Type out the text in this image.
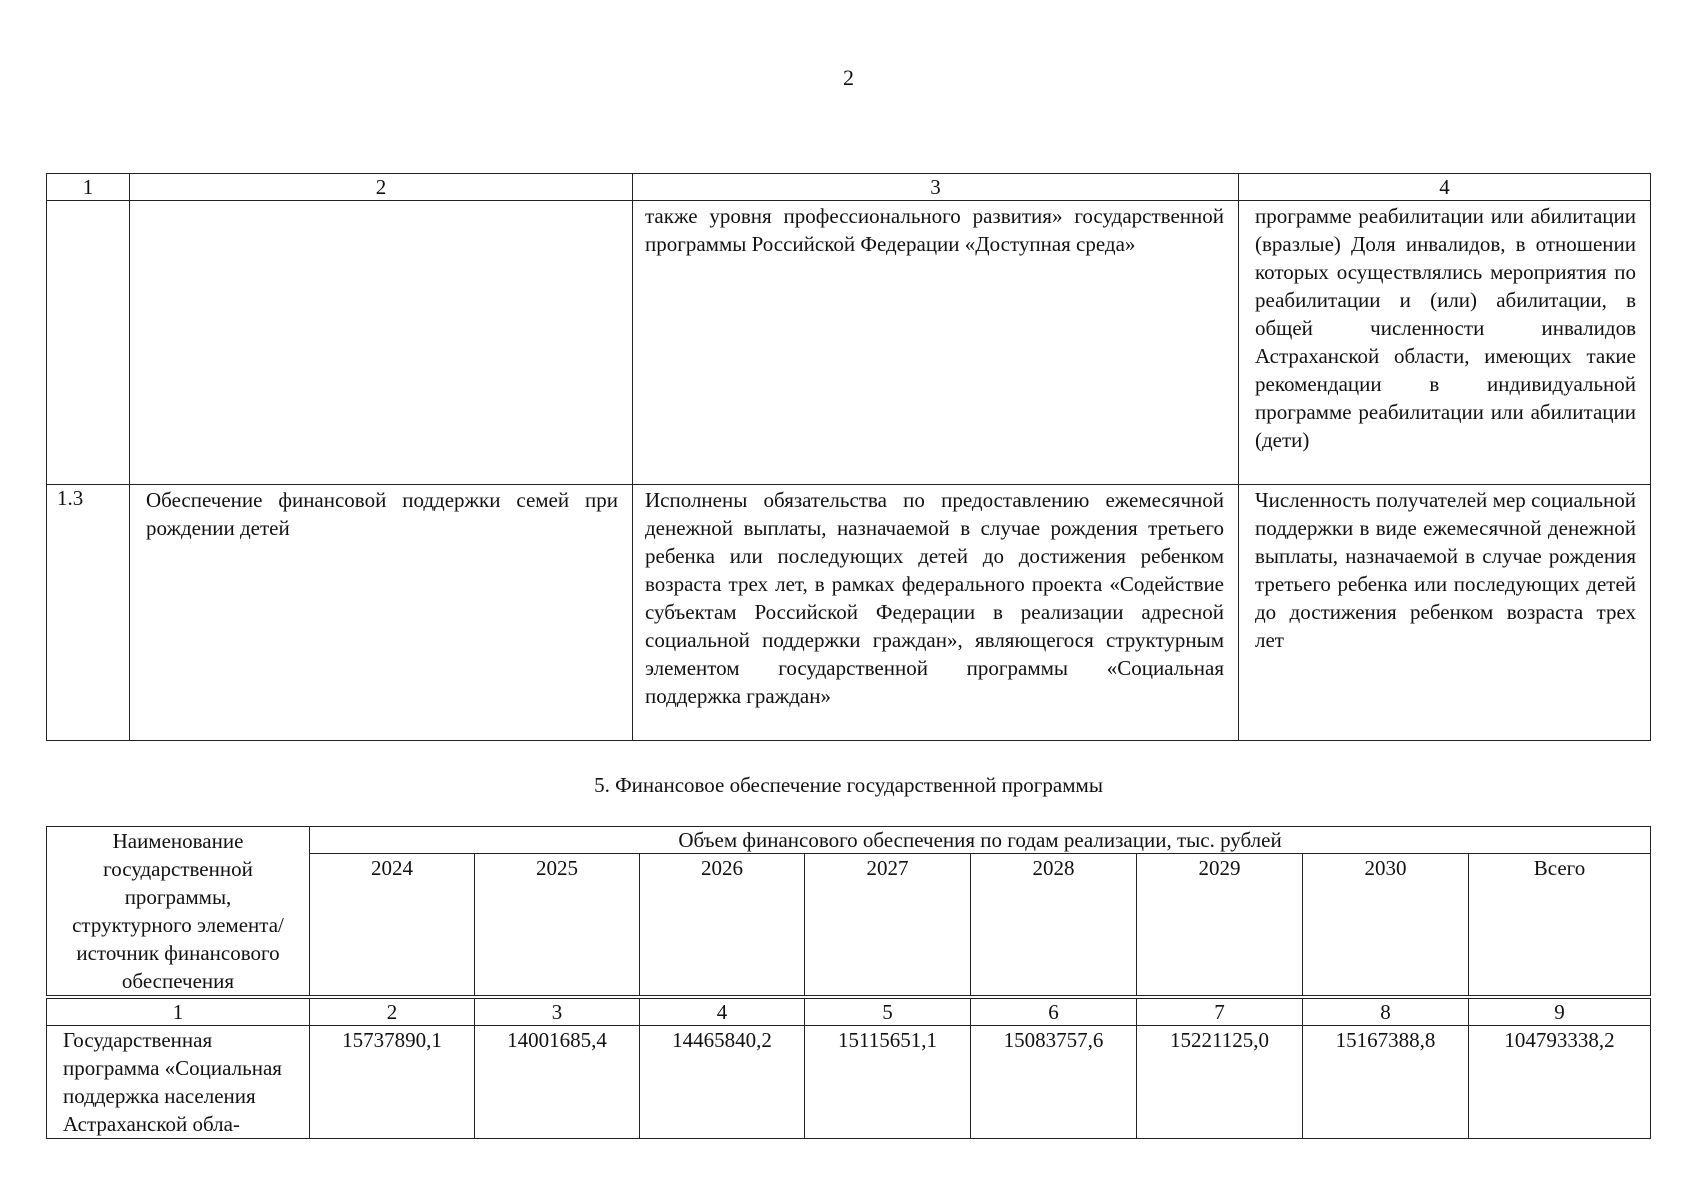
2
1	2	3	4
		также уровня профессионального развития» государственной программы Российской Федерации «Доступная среда»	программе реабилитации или абилитации (вразлые) Доля инвалидов, в отношении которых осуществлялись мероприятия по реабилитации и (или) абилитации, в общей численности инвалидов Астраханской области, имеющих такие рекомендации в индивидуальной программе реабилитации или абилитации (дети)
1.3	Обеспечение финансовой поддержки семей при рождении детей	Исполнены обязательства по предоставлению ежемесячной денежной выплаты, назначаемой в случае рождения третьего ребенка или последующих детей до достижения ребенком возраста трех лет, в рамках федерального проекта «Содействие субъектам Российской Федерации в реализации адресной социальной поддержки граждан», являющегося структурным элементом государственной программы «Социальная поддержка граждан»	Численность получателей мер социальной поддержки в виде ежемесячной денежной выплаты, назначаемой в случае рождения третьего ребенка или последующих детей до достижения ребенком возраста трех лет
5. Финансовое обеспечение государственной программы
Наименование государственной программы, структурного элемента/источник финансового обеспечения	Объем финансового обеспечения по годам реализации, тыс. рублей							
	2024	2025	2026	2027	2028	2029	2030	Всего
1	2	3	4	5	6	7	8	9
Государственная программа «Социальная поддержка населения Астраханской обла-	15737890,1	14001685,4	14465840,2	15115651,1	15083757,6	15221125,0	15167388,8	104793338,2
